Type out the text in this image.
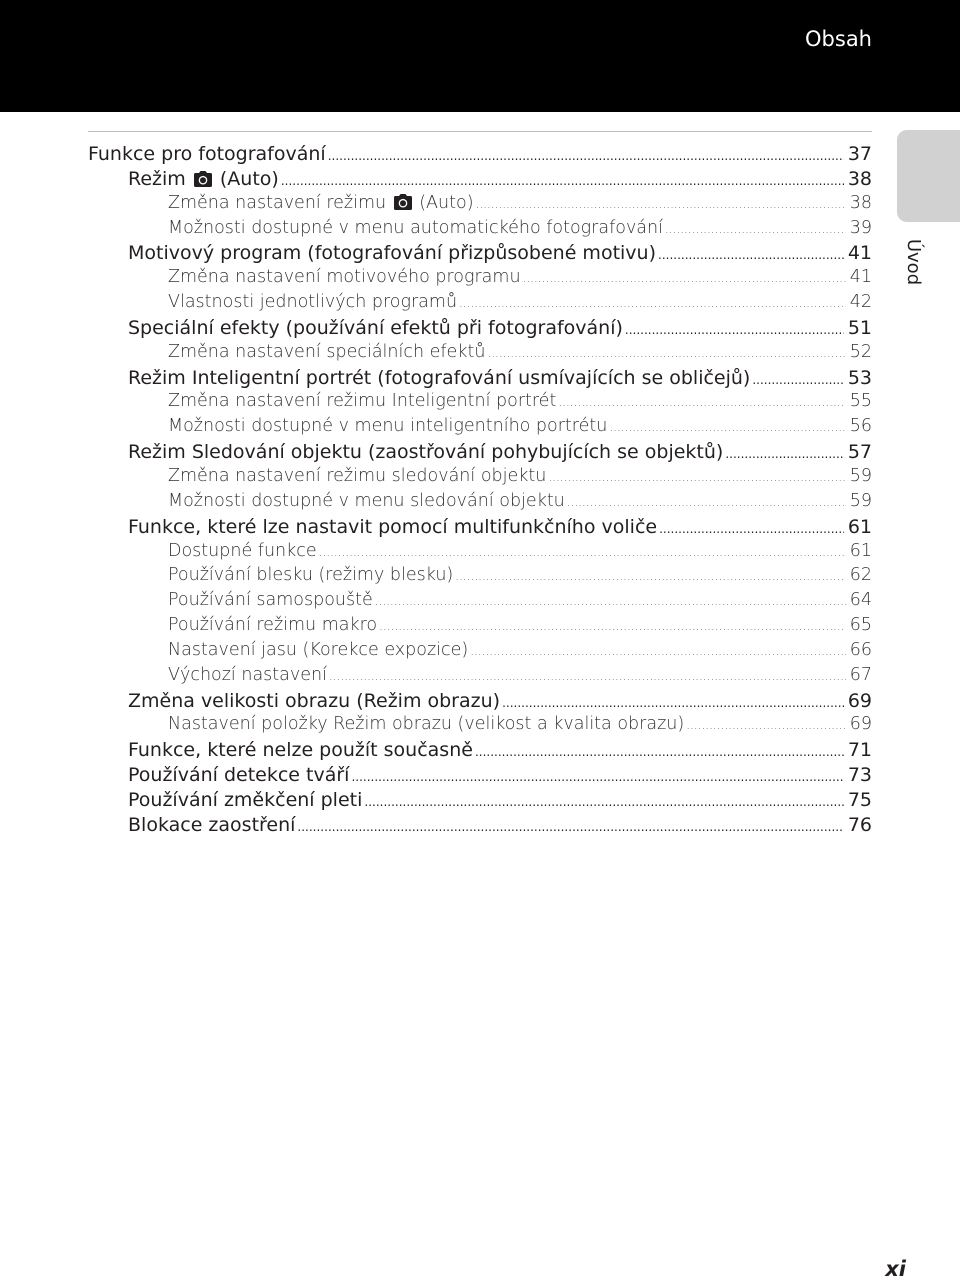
Obsah
Funkce pro fotografování .....	37
Režim  (Auto) .....	38
Změna nastavení režimu  (Auto) .....	38
Možnosti dostupné v menu automatického fotografování .....	39
Motivový program (fotografování přizpůsobené motivu) .....	41
Změna nastavení motivového programu .....	41
Vlastnosti jednotlivých programů .....	42
Speciální efekty (používání efektů při fotografování) .....	51
Změna nastavení speciálních efektů .....	52
Režim Inteligentní portrét (fotografování usmívajících se obličejů) .....	53
Změna nastavení režimu Inteligentní portrét .....	55
Možnosti dostupné v menu inteligentního portrétu .....	56
Režim Sledování objektu (zaostřování pohybujících se objektů) .....	57
Změna nastavení režimu sledování objektu .....	59
Možnosti dostupné v menu sledování objektu .....	59
Funkce, které lze nastavit pomocí multifunkčního voliče .....	61
Dostupné funkce .....	61
Používání blesku (režimy blesku) .....	62
Používání samospouště .....	64
Používání režimu makro .....	65
Nastavení jasu (Korekce expozice) .....	66
Výchozí nastavení .....	67
Změna velikosti obrazu (Režim obrazu) .....	69
Nastavení položky Režim obrazu (velikost a kvalita obrazu) .....	69
Funkce, které nelze použít současně .....	71
Používání detekce tváří .....	73
Používání změkčení pleti .....	75
Blokace zaostření .....	76
Úvod
xi
